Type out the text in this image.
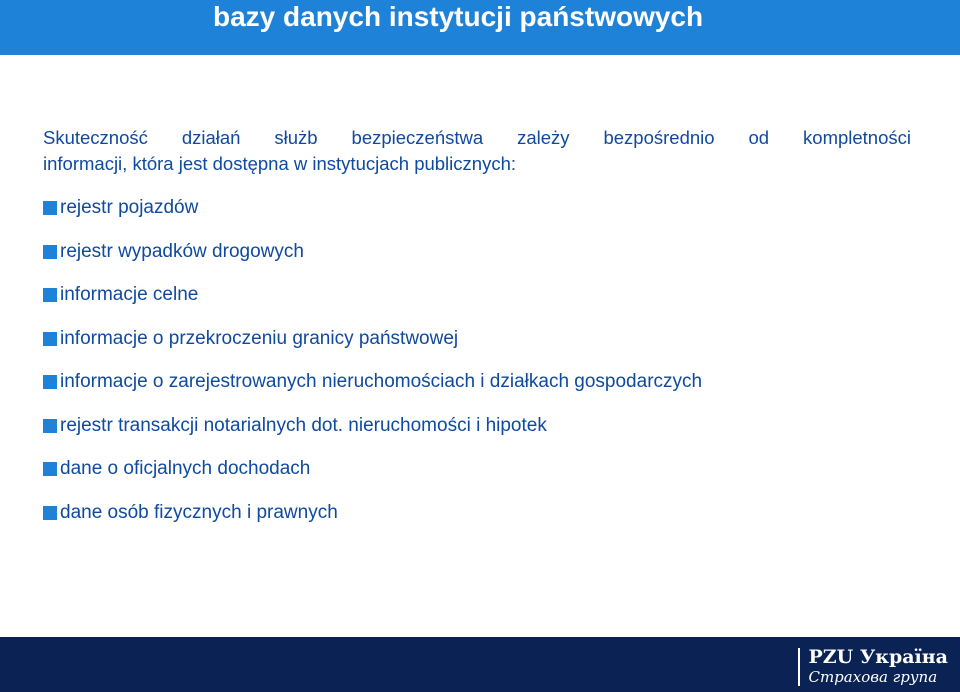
bazy danych instytucji państwowych
Skuteczność działań służb bezpieczeństwa zależy bezpośrednio od kompletności
informacji, która jest dostępna w instytucjach publicznych:
rejestr pojazdów
rejestr wypadków drogowych
informacje celne
informacje o przekroczeniu granicy państwowej
informacje o zarejestrowanych nieruchomościach i działkach gospodarczych
rejestr transakcji notarialnych dot. nieruchomości i hipotek
dane o oficjalnych dochodach
dane osób fizycznych i prawnych
PZU Україна
Страхова група
